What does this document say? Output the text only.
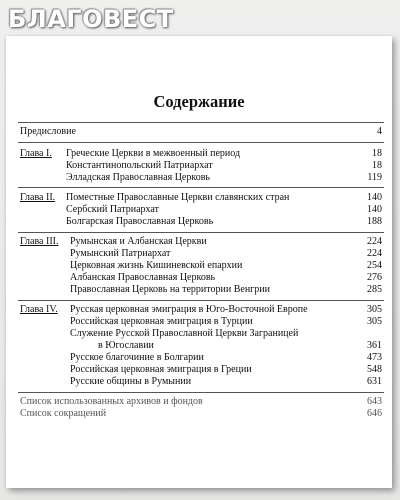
Содержание
Предисловие	4
Глава I. Греческие Церкви в межвоенный период	18
Константинопольский Патриархат	18
Элладская Православная Церковь	119
Глава II. Поместные Православные Церкви славянских стран	140
Сербский Патриархат	140
Болгарская Православная Церковь	188
Глава III. Румынская и Албанская Церкви	224
Румынский Патриархат	224
Церковная жизнь Кишиневской епархии	254
Албанская Православная Церковь	276
Православная Церковь на территории Венгрии	285
Глава IV. Русская церковная эмиграция в Юго-Восточной Европе	305
Российская церковная эмиграция в Турции	305
Служение Русской Православной Церкви Заграницей
в Югославии	361
Русское благочиние в Болгарии	473
Российская церковная эмиграция в Греции	548
Русские общины в Румынии	631
Список использованных архивов и фондов	643
Список сокращений	646
БЛАГОВЕСТ
